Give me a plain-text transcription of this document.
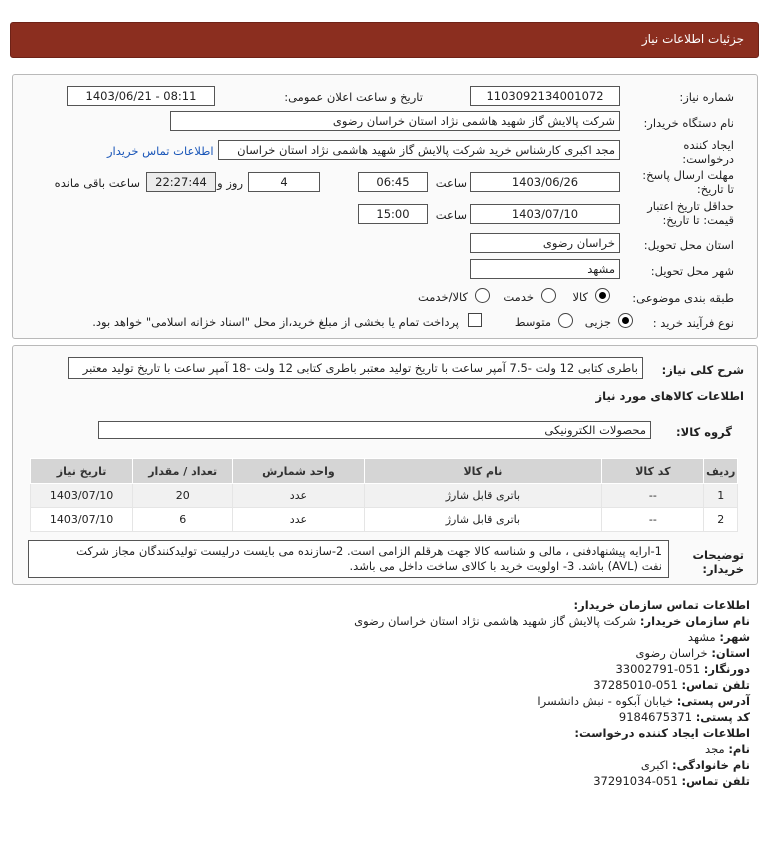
جزئیات اطلاعات نیاز
شماره نیاز:
1103092134001072
تاریخ و ساعت اعلان عمومی:
1403/06/21 - 08:11
نام دستگاه خریدار:
شرکت پالایش گاز شهید هاشمی نژاد استان خراسان رضوی
ایجاد کننده
درخواست:
مجد اکبری کارشناس خرید شرکت پالایش گاز شهید هاشمی نژاد استان خراسان
اطلاعات تماس خریدار
مهلت ارسال پاسخ:
تا تاریخ:
1403/06/26
ساعت
06:45
4
روز و
22:27:44
ساعت باقی مانده
حداقل تاریخ اعتبار
قیمت: تا تاریخ:
1403/07/10
ساعت
15:00
استان محل تحویل:
خراسان رضوی
شهر محل تحویل:
مشهد
طبقه بندی موضوعی:
کالا
خدمت
کالا/خدمت
نوع فرآیند خرید :
جزیی
متوسط
پرداخت تمام یا بخشی از مبلغ خرید،از محل "اسناد خزانه اسلامی" خواهد بود.
شرح کلی نیاز:
باطری کتابی 12 ولت -7.5 آمپر ساعت با تاریخ تولید معتبر باطری کتابی 12 ولت -18 آمپر ساعت با تاریخ تولید معتبر
اطلاعات کالاهای مورد نیاز
گروه کالا:
محصولات الکترونیکی
ردیف	کد کالا	نام کالا	واحد شمارش	تعداد / مقدار	تاریخ نیاز
1	--	باتری قابل شارژ	عدد	20	1403/07/10
2	--	باتری قابل شارژ	عدد	6	1403/07/10
توضیحات
خریدار:
1-ارایه پیشنهادفنی ، مالی و شناسه کالا جهت هرقلم الزامی است. 2-سازنده می بایست درلیست تولیدکنندگان مجاز شرکت
نفت (AVL) باشد. 3- اولویت خرید با کالای ساخت داخل می باشد.
اطلاعات تماس سازمان خریدار:
نام سازمان خریدار: شرکت پالایش گاز شهید هاشمی نژاد استان خراسان رضوی
شهر: مشهد
استان: خراسان رضوی
دورنگار: 051-33002791
تلفن تماس: 051-37285010
آدرس پستی: خیابان آبکوه - نبش دانشسرا
کد پستی: 9184675371
اطلاعات ایجاد کننده درخواست:
نام: مجد
نام خانوادگی: اکبری
تلفن تماس: 051-37291034
